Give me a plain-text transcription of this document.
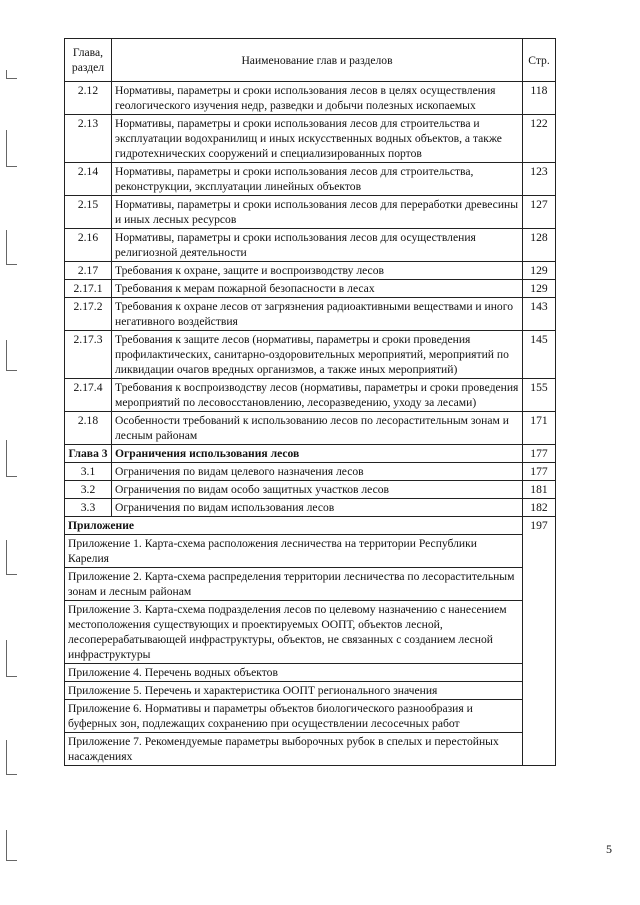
Глава, раздел	Наименование глав и разделов	Стр.
2.12	Нормативы, параметры и сроки использования лесов в целях осуществления геологического изучения недр, разведки и добычи полезных ископаемых	118
2.13	Нормативы, параметры и сроки использования лесов для строительства и эксплуатации водохранилищ и иных искусственных водных объектов, а также гидротехнических сооружений и специализированных портов	122
2.14	Нормативы, параметры и сроки использования лесов для строительства, реконструкции, эксплуатации линейных объектов	123
2.15	Нормативы, параметры и сроки использования лесов для переработки древесины и иных лесных ресурсов	127
2.16	Нормативы, параметры и сроки использования лесов для осуществления религиозной деятельности	128
2.17	Требования к охране, защите и воспроизводству лесов	129
2.17.1	Требования к мерам пожарной безопасности в лесах	129
2.17.2	Требования к охране лесов от загрязнения радиоактивными веществами и иного негативного воздействия	143
2.17.3	Требования к защите лесов (нормативы, параметры и сроки проведения профилактических, санитарно-оздоровительных мероприятий, мероприятий по ликвидации очагов вредных организмов, а также иных мероприятий)	145
2.17.4	Требования к воспроизводству лесов (нормативы, параметры и сроки проведения мероприятий по лесовосстановлению, лесоразведению, уходу за лесами)	155
2.18	Особенности требований к использованию лесов по лесорастительным зонам и лесным районам	171
Глава 3	Ограничения использования лесов	177
3.1	Ограничения по видам целевого назначения лесов	177
3.2	Ограничения по видам особо защитных участков лесов	181
3.3	Ограничения по видам использования лесов	182
Приложение		197
Приложение 1. Карта-схема расположения лесничества на территории Республики Карелия		
Приложение 2. Карта-схема распределения территории лесничества по лесорастительным зонам и лесным районам		
Приложение 3. Карта-схема подразделения лесов по целевому назначению с нанесением местоположения существующих и проектируемых ООПТ, объектов лесной, лесоперерабатывающей инфраструктуры, объектов, не связанных с созданием лесной инфраструктуры		
Приложение 4. Перечень водных объектов		
Приложение 5. Перечень и характеристика ООПТ регионального значения		
Приложение 6. Нормативы и параметры объектов биологического разнообразия и буферных зон, подлежащих сохранению при осуществлении лесосечных работ		
Приложение 7. Рекомендуемые параметры выборочных рубок в спелых и перестойных насаждениях		
5
